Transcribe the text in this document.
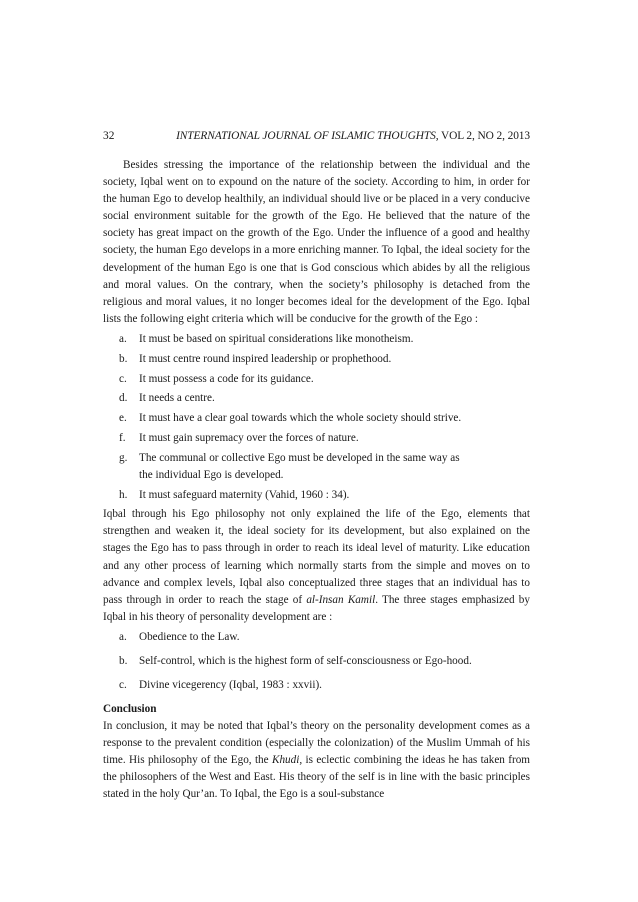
32	INTERNATIONAL JOURNAL OF ISLAMIC THOUGHTS, VOL 2, NO 2, 2013

Besides stressing the importance of the relationship between the individual and the society, Iqbal went on to expound on the nature of the society. According to him, in order for the human Ego to develop healthily, an individual should live or be placed in a very conducive social environment suitable for the growth of the Ego. He believed that the nature of the society has great impact on the growth of the Ego. Under the influence of a good and healthy society, the human Ego develops in a more enriching manner. To Iqbal, the ideal society for the development of the human Ego is one that is God conscious which abides by all the religious and moral values. On the contrary, when the society’s philosophy is detached from the religious and moral values, it no longer becomes ideal for the development of the Ego. Iqbal lists the following eight criteria which will be conducive for the growth of the Ego :

a. It must be based on spiritual considerations like monotheism.
b. It must centre round inspired leadership or prophethood.
c. It must possess a code for its guidance.
d. It needs a centre.
e. It must have a clear goal towards which the whole society should strive.
f. It must gain supremacy over the forces of nature.
g. The communal or collective Ego must be developed in the same way as
the individual Ego is developed.
h. It must safeguard maternity (Vahid, 1960 : 34).

Iqbal through his Ego philosophy not only explained the life of the Ego, elements that strengthen and weaken it, the ideal society for its development, but also explained on the stages the Ego has to pass through in order to reach its ideal level of maturity. Like education and any other process of learning which normally starts from the simple and moves on to advance and complex levels, Iqbal also conceptualized three stages that an individual has to pass through in order to reach the stage of al-Insan Kamil. The three stages emphasized by Iqbal in his theory of personality development are :

a. Obedience to the Law.
b. Self-control, which is the highest form of self-consciousness or Ego-hood.
c. Divine vicegerency (Iqbal, 1983 : xxvii).
Conclusion

In conclusion, it may be noted that Iqbal’s theory on the personality development comes as a response to the prevalent condition (especially the colonization) of the Muslim Ummah of his time. His philosophy of the Ego, the Khudi, is eclectic combining the ideas he has taken from the philosophers of the West and East. His theory of the self is in line with the basic principles stated in the holy Qur’an. To Iqbal, the Ego is a soul-substance
